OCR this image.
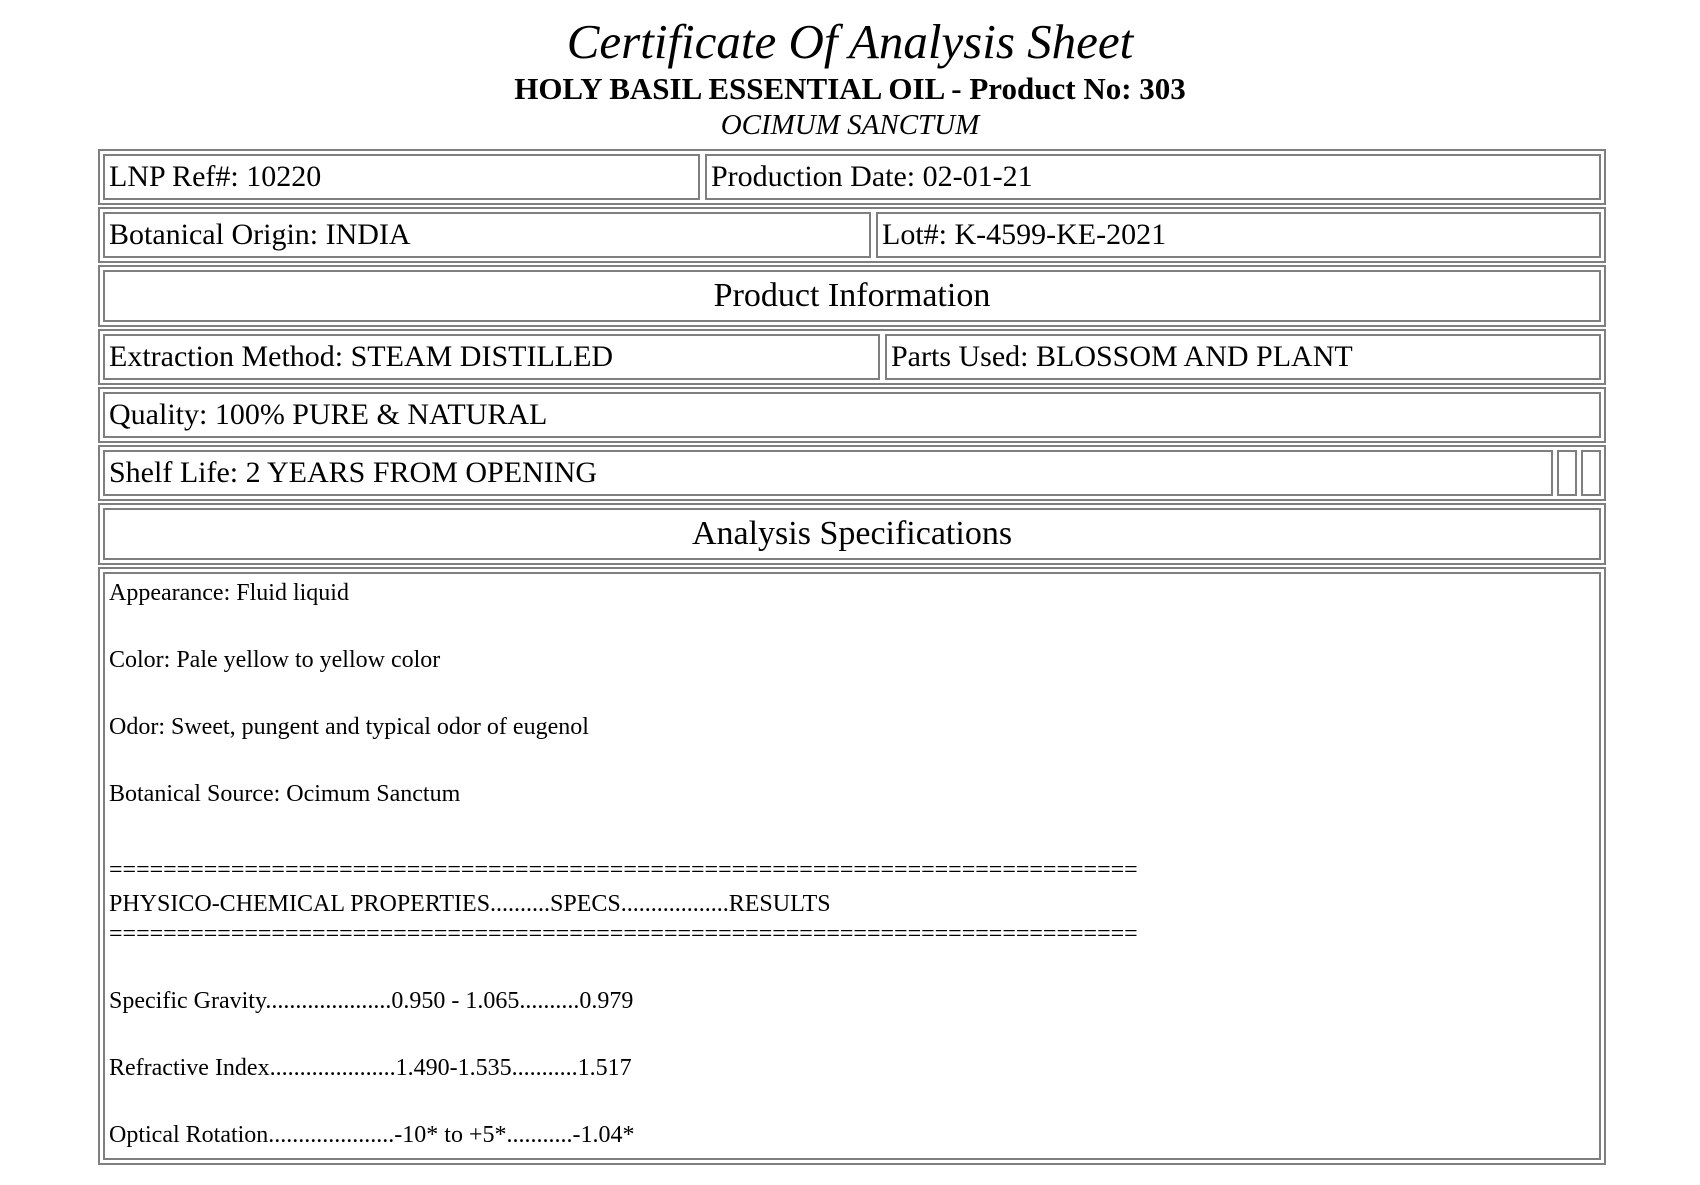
Certificate Of Analysis Sheet
HOLY BASIL ESSENTIAL OIL - Product No: 303
OCIMUM SANCTUM
LNP Ref#: 10220	Production Date: 02-01-21
Botanical Origin: INDIA	Lot#: K-4599-KE-2021
Product Information
Extraction Method: STEAM DISTILLED	Parts Used: BLOSSOM AND PLANT
Quality: 100% PURE & NATURAL
Shelf Life: 2 YEARS FROM OPENING
Analysis Specifications

Appearance: Fluid liquid

Color: Pale yellow to yellow color

Odor: Sweet, pungent and typical odor of eugenol

Botanical Source: Ocimum Sanctum

============================================================================

PHYSICO-CHEMICAL PROPERTIES..........SPECS..................RESULTS

============================================================================

Specific Gravity.....................0.950 - 1.065..........0.979

Refractive Index.....................1.490-1.535...........1.517

Optical Rotation.....................-10* to +5*...........-1.04*
